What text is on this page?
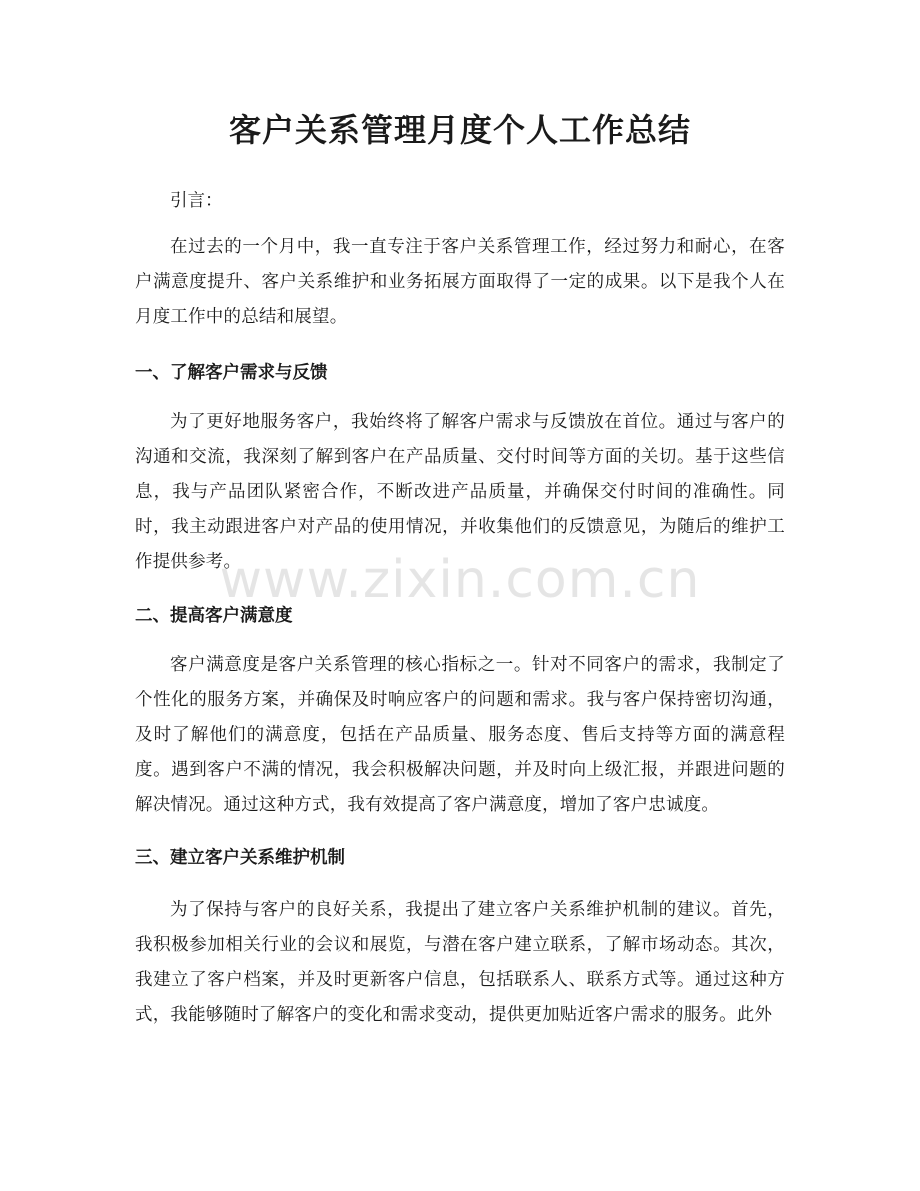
客户关系管理月度个人工作总结

引言：

在过去的一个月中，我一直专注于客户关系管理工作，经过努力和耐心，在客户满意度提升、客户关系维护和业务拓展方面取得了一定的成果。以下是我个人在月度工作中的总结和展望。

一、了解客户需求与反馈

为了更好地服务客户，我始终将了解客户需求与反馈放在首位。通过与客户的沟通和交流，我深刻了解到客户在产品质量、交付时间等方面的关切。基于这些信息，我与产品团队紧密合作，不断改进产品质量，并确保交付时间的准确性。同时，我主动跟进客户对产品的使用情况，并收集他们的反馈意见，为随后的维护工作提供参考。

二、提高客户满意度

客户满意度是客户关系管理的核心指标之一。针对不同客户的需求，我制定了个性化的服务方案，并确保及时响应客户的问题和需求。我与客户保持密切沟通，及时了解他们的满意度，包括在产品质量、服务态度、售后支持等方面的满意程度。遇到客户不满的情况，我会积极解决问题，并及时向上级汇报，并跟进问题的解决情况。通过这种方式，我有效提高了客户满意度，增加了客户忠诚度。

三、建立客户关系维护机制

为了保持与客户的良好关系，我提出了建立客户关系维护机制的建议。首先，我积极参加相关行业的会议和展览，与潜在客户建立联系，了解市场动态。其次，我建立了客户档案，并及时更新客户信息，包括联系人、联系方式等。通过这种方式，我能够随时了解客户的变化和需求变动，提供更加贴近客户需求的服务。此外

www.zixin.com.cn
